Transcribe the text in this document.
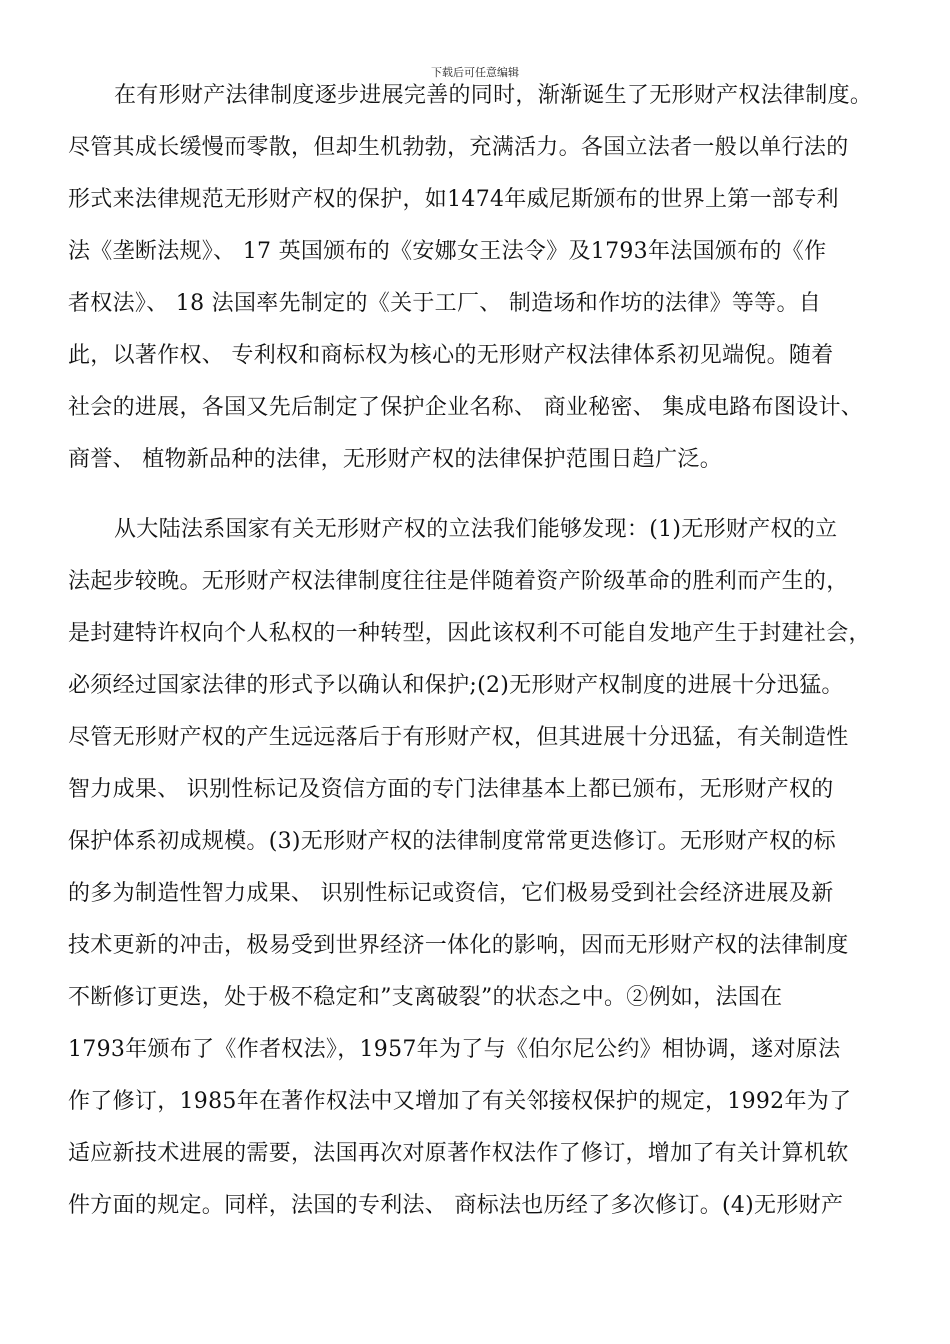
下载后可任意编辑
在有形财产法律制度逐步进展完善的同时，渐渐诞生了无形财产权法律制度。
尽管其成长缓慢而零散，但却生机勃勃，充满活力。各国立法者一般以单行法的
形式来法律规范无形财产权的保护，如1474年威尼斯颁布的世界上第一部专利
法《垄断法规》、 17 英国颁布的《安娜女王法令》及1793年法国颁布的《作
者权法》、 18 法国率先制定的《关于工厂、 制造场和作坊的法律》等等。自
此，以著作权、 专利权和商标权为核心的无形财产权法律体系初见端倪。随着
社会的进展，各国又先后制定了保护企业名称、 商业秘密、 集成电路布图设计、
商誉、 植物新品种的法律，无形财产权的法律保护范围日趋广泛。
从大陆法系国家有关无形财产权的立法我们能够发现：(1)无形财产权的立
法起步较晚。无形财产权法律制度往往是伴随着资产阶级革命的胜利而产生的，
是封建特许权向个人私权的一种转型，因此该权利不可能自发地产生于封建社会，
必须经过国家法律的形式予以确认和保护;(2)无形财产权制度的进展十分迅猛。
尽管无形财产权的产生远远落后于有形财产权，但其进展十分迅猛，有关制造性
智力成果、 识别性标记及资信方面的专门法律基本上都已颁布，无形财产权的
保护体系初成规模。(3)无形财产权的法律制度常常更迭修订。无形财产权的标
的多为制造性智力成果、 识别性标记或资信，它们极易受到社会经济进展及新
技术更新的冲击，极易受到世界经济一体化的影响，因而无形财产权的法律制度
不断修订更迭，处于极不稳定和”支离破裂”的状态之中。②例如，法国在
1793年颁布了《作者权法》，1957年为了与《伯尔尼公约》相协调，遂对原法
作了修订，1985年在著作权法中又增加了有关邻接权保护的规定，1992年为了
适应新技术进展的需要，法国再次对原著作权法作了修订，增加了有关计算机软
件方面的规定。同样，法国的专利法、 商标法也历经了多次修订。(4)无形财产
